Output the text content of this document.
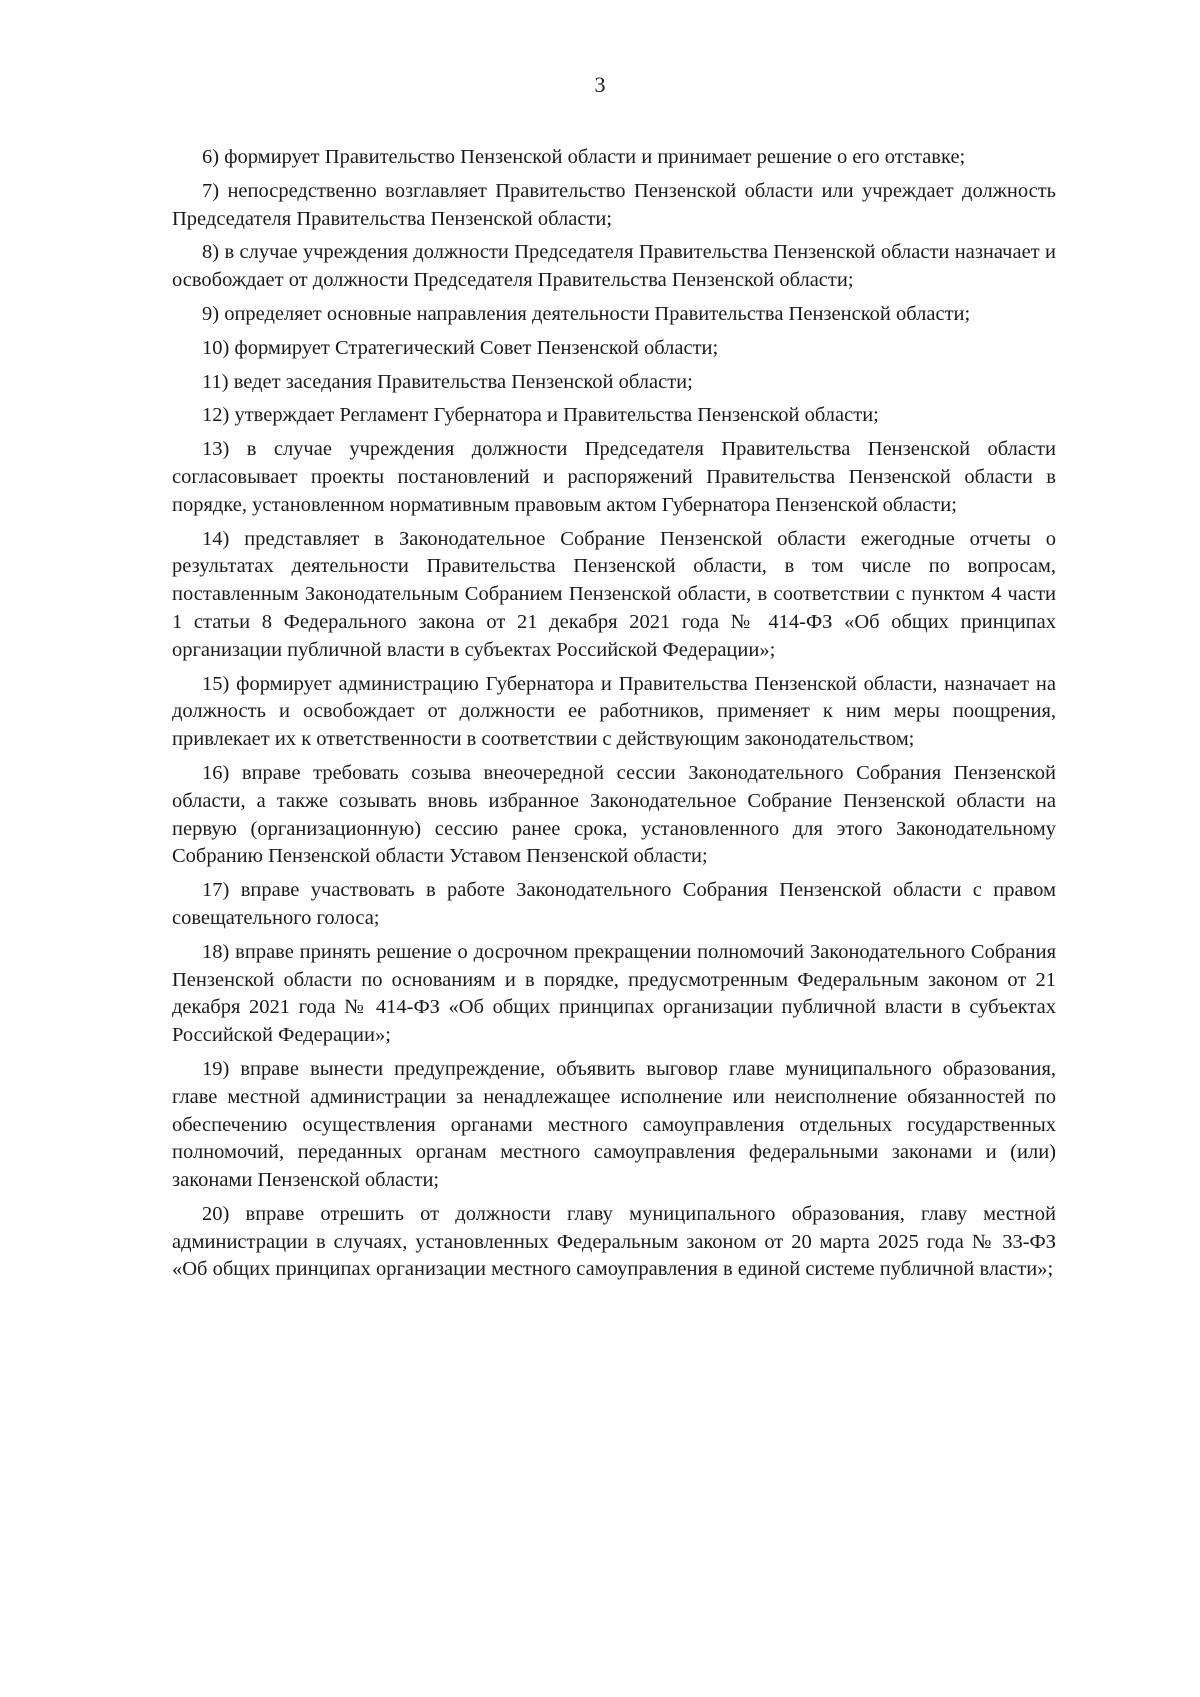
3

6) формирует Правительство Пензенской области и принимает решение о его отставке;

7) непосредственно возглавляет Правительство Пензенской области или учреждает должность Председателя Правительства Пензенской области;

8) в случае учреждения должности Председателя Правительства Пензенской области назначает и освобождает от должности Председателя Правительства Пензенской области;

9) определяет основные направления деятельности Правительства Пензенской области;

10) формирует Стратегический Совет Пензенской области;

11) ведет заседания Правительства Пензенской области;

12) утверждает Регламент Губернатора и Правительства Пензенской области;

13) в случае учреждения должности Председателя Правительства Пензенской области согласовывает проекты постановлений и распоряжений Правительства Пензенской области в порядке, установленном нормативным правовым актом Губернатора Пензенской области;

14) представляет в Законодательное Собрание Пензенской области ежегодные отчеты о результатах деятельности Правительства Пензенской области, в том числе по вопросам, поставленным Законодательным Собранием Пензенской области, в соответствии с пунктом 4 части 1 статьи 8 Федерального закона от 21 декабря 2021 года № 414-ФЗ «Об общих принципах организации публичной власти в субъектах Российской Федерации»;

15) формирует администрацию Губернатора и Правительства Пензенской области, назначает на должность и освобождает от должности ее работников, применяет к ним меры поощрения, привлекает их к ответственности в соответствии с действующим законодательством;

16) вправе требовать созыва внеочередной сессии Законодательного Собрания Пензенской области, а также созывать вновь избранное Законодательное Собрание Пензенской области на первую (организационную) сессию ранее срока, установленного для этого Законодательному Собранию Пензенской области Уставом Пензенской области;

17) вправе участвовать в работе Законодательного Собрания Пензенской области с правом совещательного голоса;

18) вправе принять решение о досрочном прекращении полномочий Законодательного Собрания Пензенской области по основаниям и в порядке, предусмотренным Федеральным законом от 21 декабря 2021 года № 414-ФЗ «Об общих принципах организации публичной власти в субъектах Российской Федерации»;

19) вправе вынести предупреждение, объявить выговор главе муниципального образования, главе местной администрации за ненадлежащее исполнение или неисполнение обязанностей по обеспечению осуществления органами местного самоуправления отдельных государственных полномочий, переданных органам местного самоуправления федеральными законами и (или) законами Пензенской области;

20) вправе отрешить от должности главу муниципального образования, главу местной администрации в случаях, установленных Федеральным законом от 20 марта 2025 года № 33-ФЗ «Об общих принципах организации местного самоуправления в единой системе публичной власти»;
